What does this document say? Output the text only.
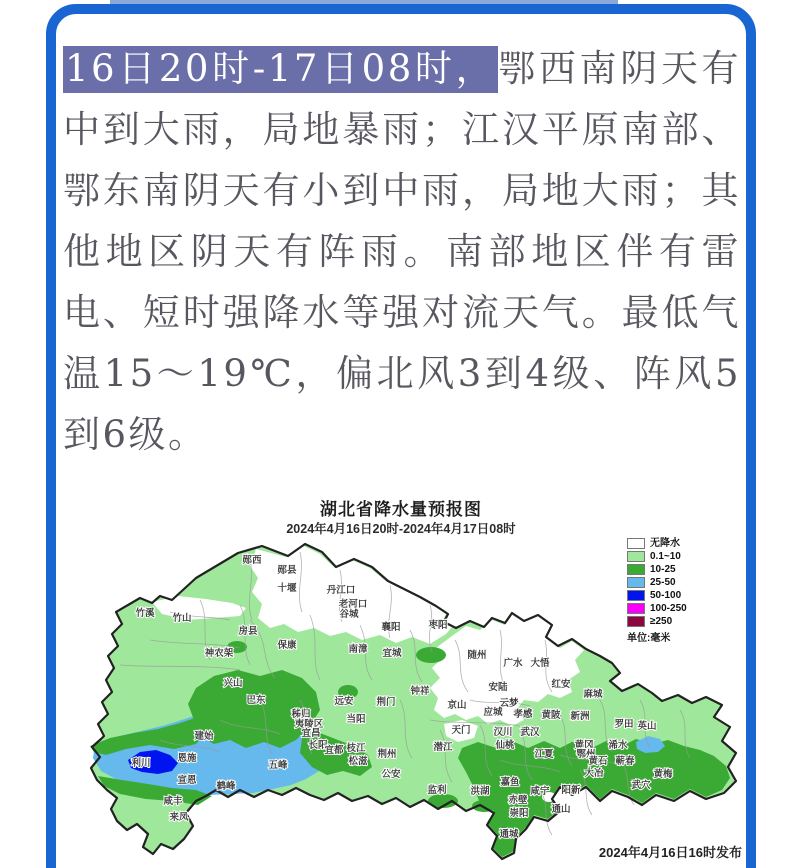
16日20时-17日08时，鄂西南阴天有中到大雨，局地暴雨；江汉平原南部、鄂东南阴天有小到中雨，局地大雨；其他地区阴天有阵雨。南部地区伴有雷电、短时强降水等强对流天气。最低气温15～19℃，偏北风3到4级、阵风5到6级。
湖北省降水量预报图
2024年4月16日20时-2024年4月17日08时
郧西
郧县
十堰	丹江口
老河口
谷城
襄阳	枣阳
竹溪 竹山
房县
保康	南漳 宜城
神农架
兴山
巴东
秭归
夷陵区
宜昌
远安
当阳
荆门
钟祥
京山
随州
广水 大悟
安陆	红安
麻城
云梦
应城 孝感 黄陂 新洲
罗田 英山
天门 汉川 武汉
仙桃
潜江
荆州
公安
监利	洪湖
江夏
黄冈
鄂州
浠水
黄石 蕲春
大冶
武穴
黄梅
阳新
嘉鱼
赤壁
咸宁
崇阳 通山
通城
长阳
宜都 枝江
松滋
五峰
鹤峰
宣恩
建始
恩施
利川
咸丰
来凤
无降水
0.1~10
10-25
25-50
50-100
100-250
≥250
单位:毫米
2024年4月16日16时发布
